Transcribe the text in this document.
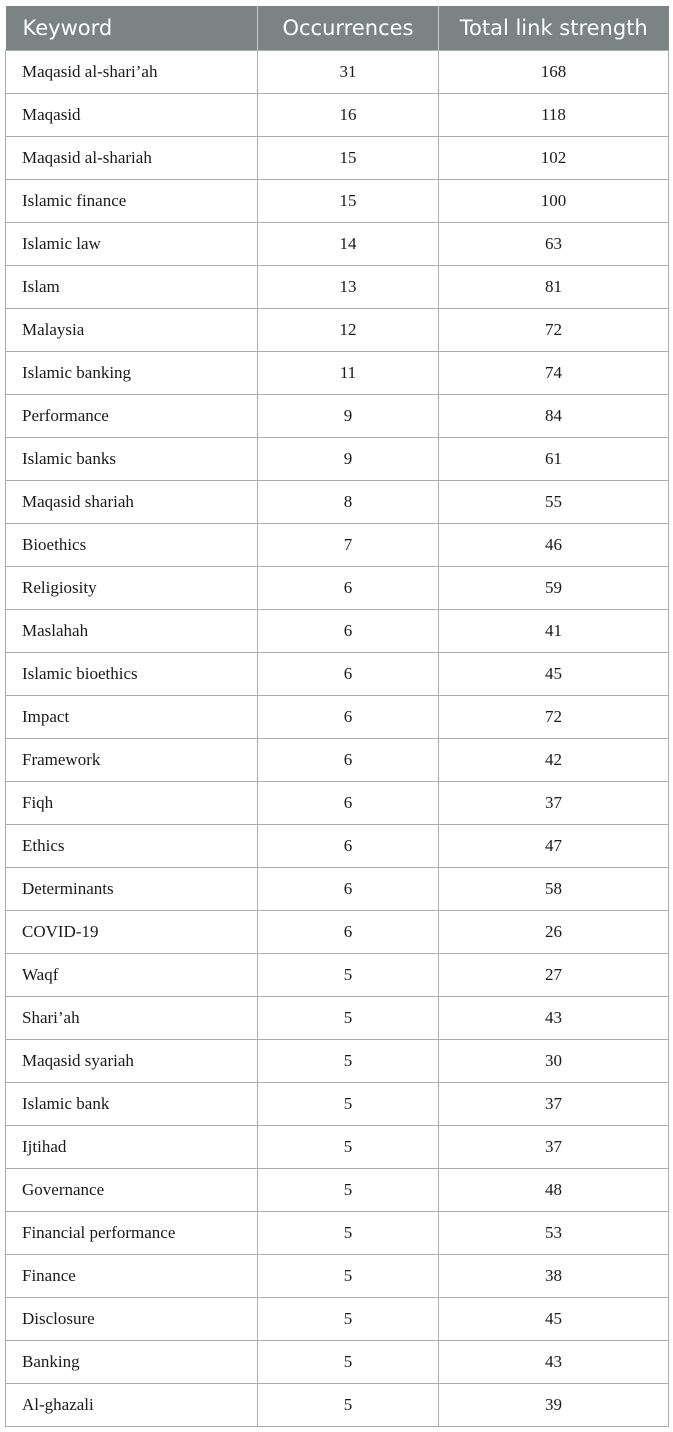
Keyword	Occurrences	Total link strength
Maqasid al-shari’ah	31	168
Maqasid	16	118
Maqasid al-shariah	15	102
Islamic finance	15	100
Islamic law	14	63
Islam	13	81
Malaysia	12	72
Islamic banking	11	74
Performance	9	84
Islamic banks	9	61
Maqasid shariah	8	55
Bioethics	7	46
Religiosity	6	59
Maslahah	6	41
Islamic bioethics	6	45
Impact	6	72
Framework	6	42
Fiqh	6	37
Ethics	6	47
Determinants	6	58
COVID-19	6	26
Waqf	5	27
Shari’ah	5	43
Maqasid syariah	5	30
Islamic bank	5	37
Ijtihad	5	37
Governance	5	48
Financial performance	5	53
Finance	5	38
Disclosure	5	45
Banking	5	43
Al-ghazali	5	39
